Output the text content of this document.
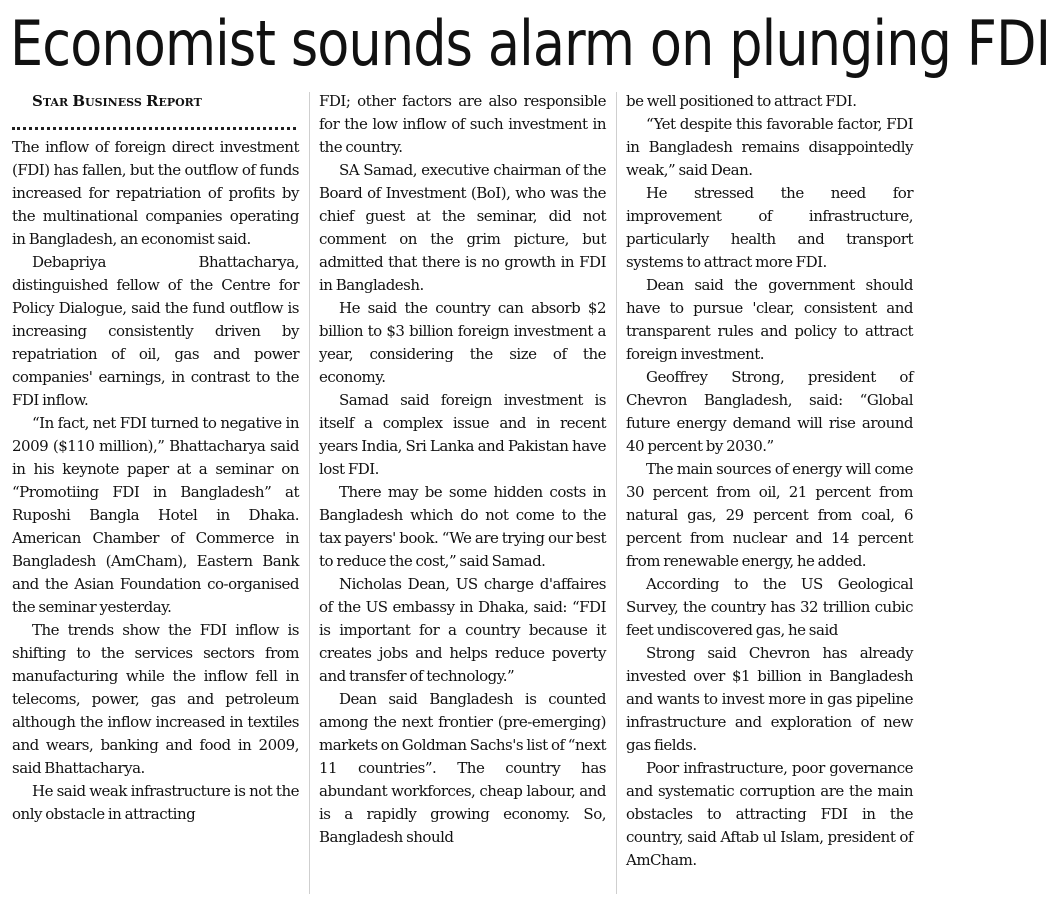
Economist sounds alarm on plunging FDI

Star Business Report

The inflow of foreign direct investment (FDI) has fallen, but the outflow of funds increased for repatriation of profits by the multinational companies operating in Bangladesh, an economist said.

Debapriya Bhattacharya, distinguished fellow of the Centre for Policy Dialogue, said the fund outflow is increasing consistently driven by repatriation of oil, gas and power companies' earnings, in contrast to the FDI inflow.

“In fact, net FDI turned to negative in 2009 ($110 million),” Bhattacharya said in his keynote paper at a seminar on “Promotiing FDI in Bangladesh” at Ruposhi Bangla Hotel in Dhaka. American Chamber of Commerce in Bangladesh (AmCham), Eastern Bank and the Asian Foundation co-organised the seminar yesterday.

The trends show the FDI inflow is shifting to the services sectors from manufacturing while the inflow fell in telecoms, power, gas and petroleum although the inflow increased in textiles and wears, banking and food in 2009, said Bhattacharya.

He said weak infrastructure is not the only obstacle in attracting

FDI; other factors are also responsible for the low inflow of such investment in the country.

SA Samad, executive chairman of the Board of Investment (BoI), who was the chief guest at the seminar, did not comment on the grim picture, but admitted that there is no growth in FDI in Bangladesh.

He said the country can absorb $2 billion to $3 billion foreign investment a year, considering the size of the economy.

Samad said foreign investment is itself a complex issue and in recent years India, Sri Lanka and Pakistan have lost FDI.

There may be some hidden costs in Bangladesh which do not come to the tax payers' book. “We are trying our best to reduce the cost,” said Samad.

Nicholas Dean, US charge d'affaires of the US embassy in Dhaka, said: “FDI is important for a country because it creates jobs and helps reduce poverty and transfer of technology.”

Dean said Bangladesh is counted among the next frontier (pre-emerging) markets on Goldman Sachs's list of “next 11 countries”. The country has abundant workforces, cheap labour, and is a rapidly growing economy. So, Bangladesh should

be well positioned to attract FDI.

“Yet despite this favorable factor, FDI in Bangladesh remains disappointedly weak,” said Dean.

He stressed the need for improvement of infrastructure, particularly health and transport systems to attract more FDI.

Dean said the government should have to pursue 'clear, consistent and transparent rules and policy to attract foreign investment.

Geoffrey Strong, president of Chevron Bangladesh, said: “Global future energy demand will rise around 40 percent by 2030.”

The main sources of energy will come 30 percent from oil, 21 percent from natural gas, 29 percent from coal, 6 percent from nuclear and 14 percent from renewable energy, he added.

According to the US Geological Survey, the country has 32 trillion cubic feet undiscovered gas, he said

Strong said Chevron has already invested over $1 billion in Bangladesh and wants to invest more in gas pipeline infrastructure and exploration of new gas fields.

Poor infrastructure, poor governance and systematic corruption are the main obstacles to attracting FDI in the country, said Aftab ul Islam, president of AmCham.
